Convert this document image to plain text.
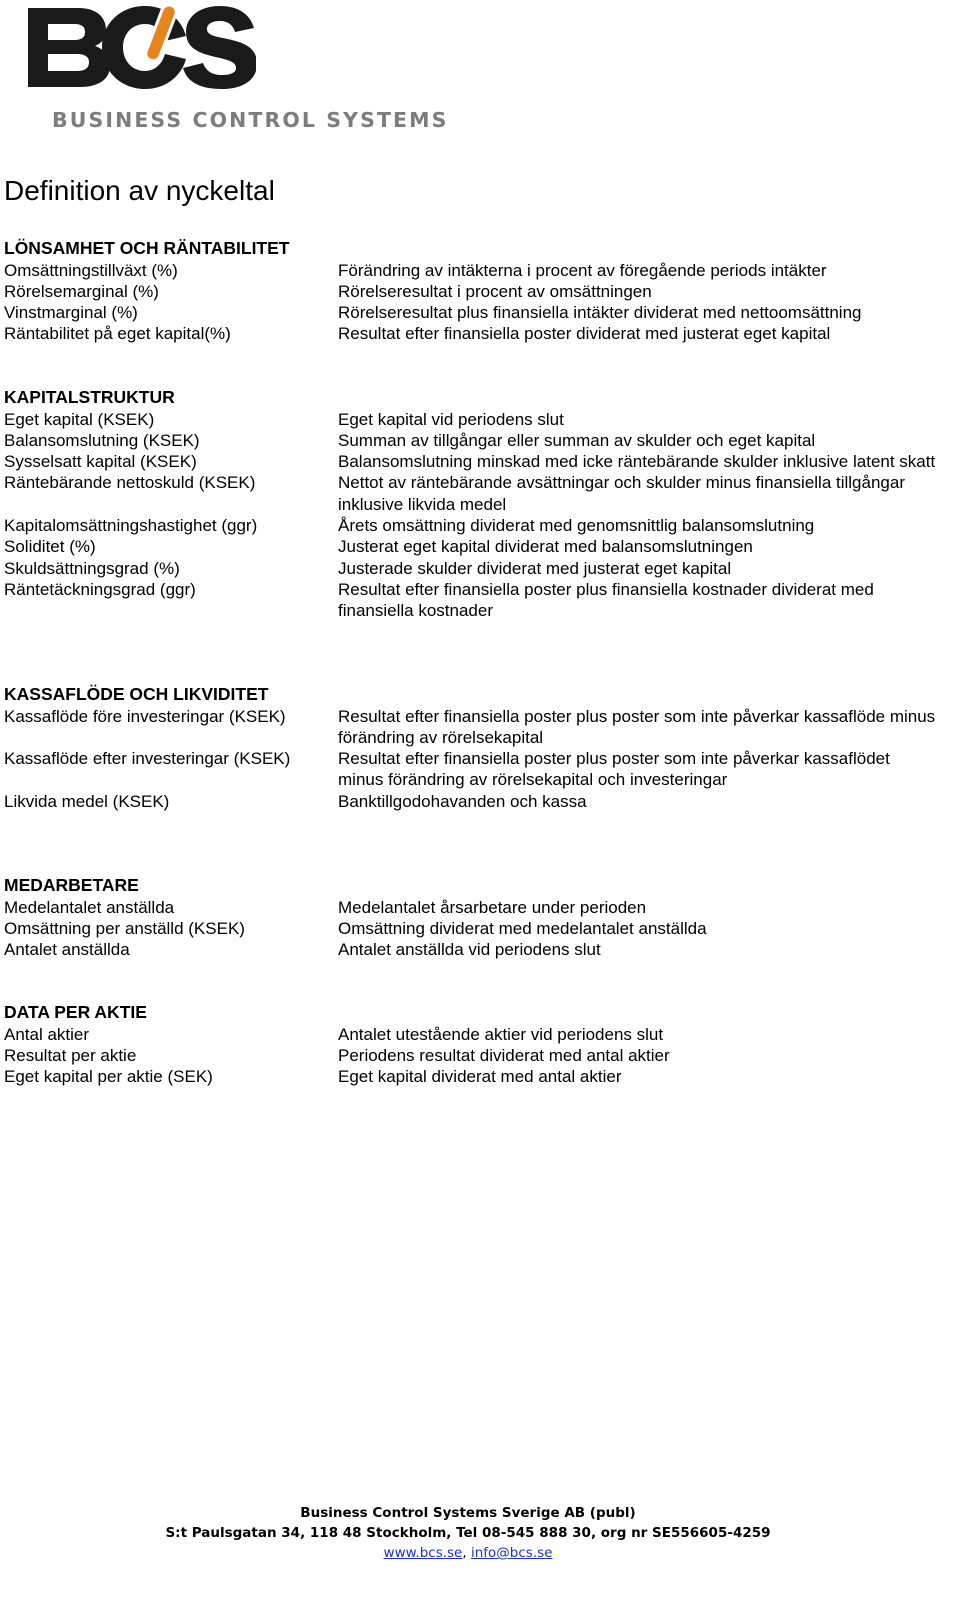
BUSINESS CONTROL SYSTEMS
Definition av nyckeltal
LÖNSAMHET OCH RÄNTABILITET
Omsättningstillväxt (%)	Förändring av intäkterna i procent av föregående periods intäkter
Rörelsemarginal (%)	Rörelseresultat i procent av omsättningen
Vinstmarginal (%)	Rörelseresultat plus finansiella intäkter dividerat med nettoomsättning
Räntabilitet på eget kapital(%)	Resultat efter finansiella poster dividerat med justerat eget kapital
KAPITALSTRUKTUR
Eget kapital (KSEK)	Eget kapital vid periodens slut
Balansomslutning (KSEK)	Summan av tillgångar eller summan av skulder och eget kapital
Sysselsatt kapital (KSEK)	Balansomslutning minskad med icke räntebärande skulder inklusive latent skatt
Räntebärande nettoskuld (KSEK)	Nettot av räntebärande avsättningar och skulder minus finansiella tillgångar inklusive likvida medel
Kapitalomsättningshastighet (ggr)	Årets omsättning dividerat med genomsnittlig balansomslutning
Soliditet (%)	Justerat eget kapital dividerat med balansomslutningen
Skuldsättningsgrad (%)	Justerade skulder dividerat med justerat eget kapital
Räntetäckningsgrad (ggr)	Resultat efter finansiella poster plus finansiella kostnader dividerat med finansiella kostnader
KASSAFLÖDE OCH LIKVIDITET
Kassaflöde före investeringar (KSEK)	Resultat efter finansiella poster plus poster som inte påverkar kassaflöde minus förändring av rörelsekapital
Kassaflöde efter investeringar (KSEK)	Resultat efter finansiella poster plus poster som inte påverkar kassaflödet minus förändring av rörelsekapital och investeringar
Likvida medel (KSEK)	Banktillgodohavanden och kassa
MEDARBETARE
Medelantalet anställda	Medelantalet årsarbetare under perioden
Omsättning per anställd (KSEK)	Omsättning dividerat med medelantalet anställda
Antalet anställda	Antalet anställda vid periodens slut
DATA PER AKTIE
Antal aktier	Antalet utestående aktier vid periodens slut
Resultat per aktie	Periodens resultat dividerat med antal aktier
Eget kapital per aktie (SEK)	Eget kapital dividerat med antal aktier
Business Control Systems Sverige AB (publ)
S:t Paulsgatan 34, 118 48 Stockholm, Tel 08-545 888 30, org nr SE556605-4259
www.bcs.se, info@bcs.se
